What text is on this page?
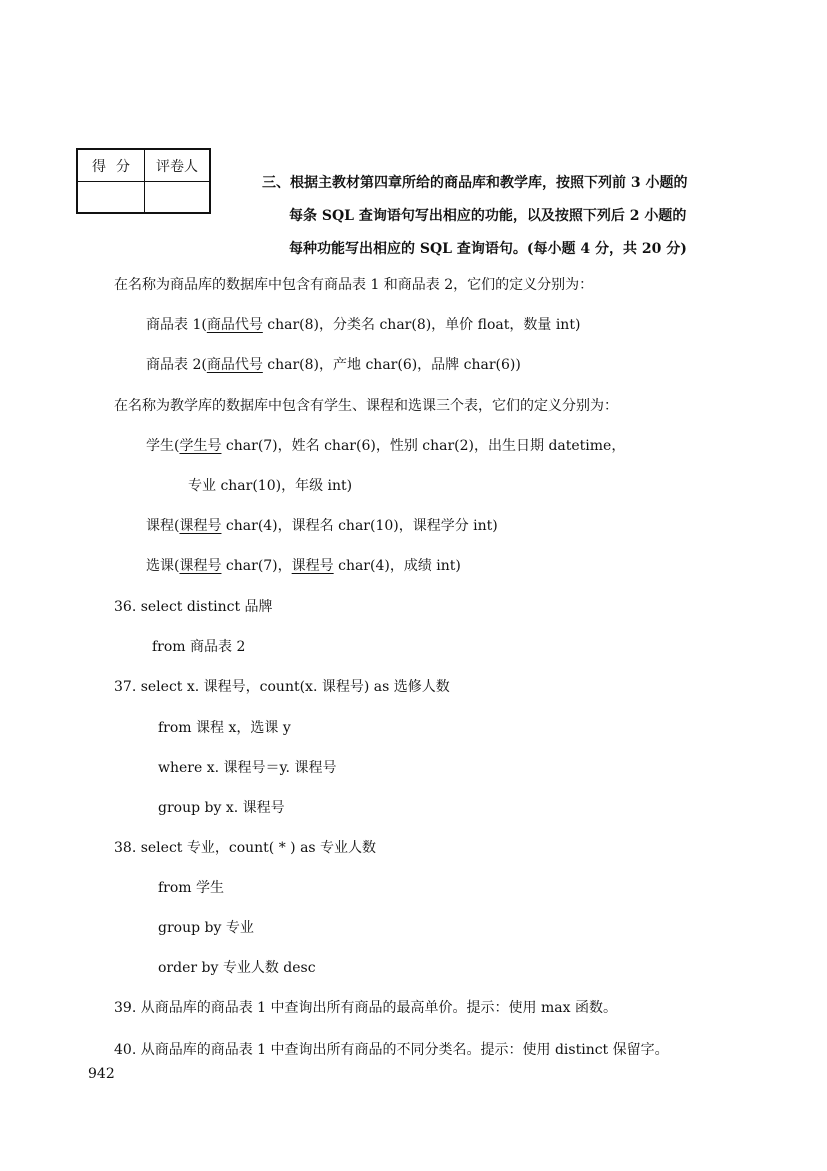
得分	评卷人
三、根据主教材第四章所给的商品库和教学库，按照下列前 3 小题的
每条 SQL 查询语句写出相应的功能，以及按照下列后 2 小题的
每种功能写出相应的 SQL 查询语句。(每小题 4 分，共 20 分)
在名称为商品库的数据库中包含有商品表 1 和商品表 2，它们的定义分别为：
商品表 1(商品代号 char(8)，分类名 char(8)，单价 float，数量 int)
商品表 2(商品代号 char(8)，产地 char(6)，品牌 char(6))
在名称为教学库的数据库中包含有学生、课程和选课三个表，它们的定义分别为：
学生(学生号 char(7)，姓名 char(6)，性别 char(2)，出生日期 datetime，
专业 char(10)，年级 int)
课程(课程号 char(4)，课程名 char(10)，课程学分 int)
选课(课程号 char(7)，课程号 char(4)，成绩 int)
36. select distinct 品牌
from 商品表 2
37. select x. 课程号，count(x. 课程号) as 选修人数
from 课程 x，选课 y
where x. 课程号＝y. 课程号
group by x. 课程号
38. select 专业，count( * ) as 专业人数
from 学生
group by 专业
order by 专业人数 desc
39. 从商品库的商品表 1 中查询出所有商品的最高单价。提示：使用 max 函数。
40. 从商品库的商品表 1 中查询出所有商品的不同分类名。提示：使用 distinct 保留字。
942
